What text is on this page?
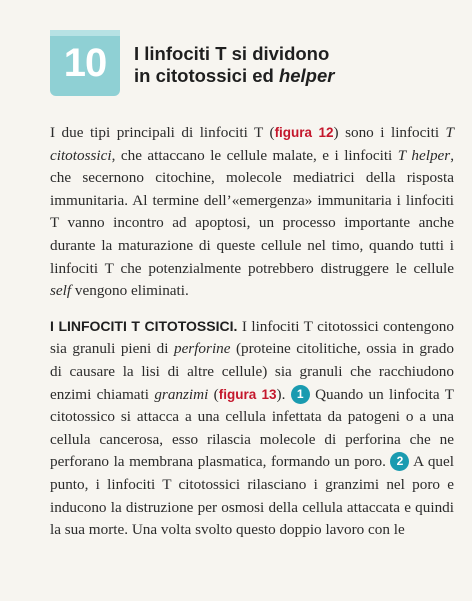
10 I linfociti T si dividono
in citotossici ed helper

I due tipi principali di linfociti T (figura 12) sono i linfociti T citotossici, che attaccano le cellule malate, e i linfociti T helper, che secernono citochine, molecole mediatrici della risposta immunitaria. Al termine dell’«emergenza» immunitaria i linfociti T vanno incontro ad apoptosi, un processo importante anche durante la maturazione di queste cellule nel timo, quando tutti i linfociti T che potenzialmente potrebbero distruggere le cellule self vengono eliminati.

I LINFOCITI T CITOTOSSICI. I linfociti T citotossici contengono sia granuli pieni di perforine (proteine citolitiche, ossia in grado di causare la lisi di altre cellule) sia granuli che racchiudono enzimi chiamati granzimi (figura 13). 1 Quando un linfocita T citotossico si attacca a una cellula infettata da patogeni o a una cellula cancerosa, esso rilascia molecole di perforina che ne perforano la membrana plasmatica, formando un poro. 2 A quel punto, i linfociti T citotossici rilasciano i granzimi nel poro e inducono la distruzione per osmosi della cellula attaccata e quindi la sua morte. Una volta svolto questo doppio lavoro con le
